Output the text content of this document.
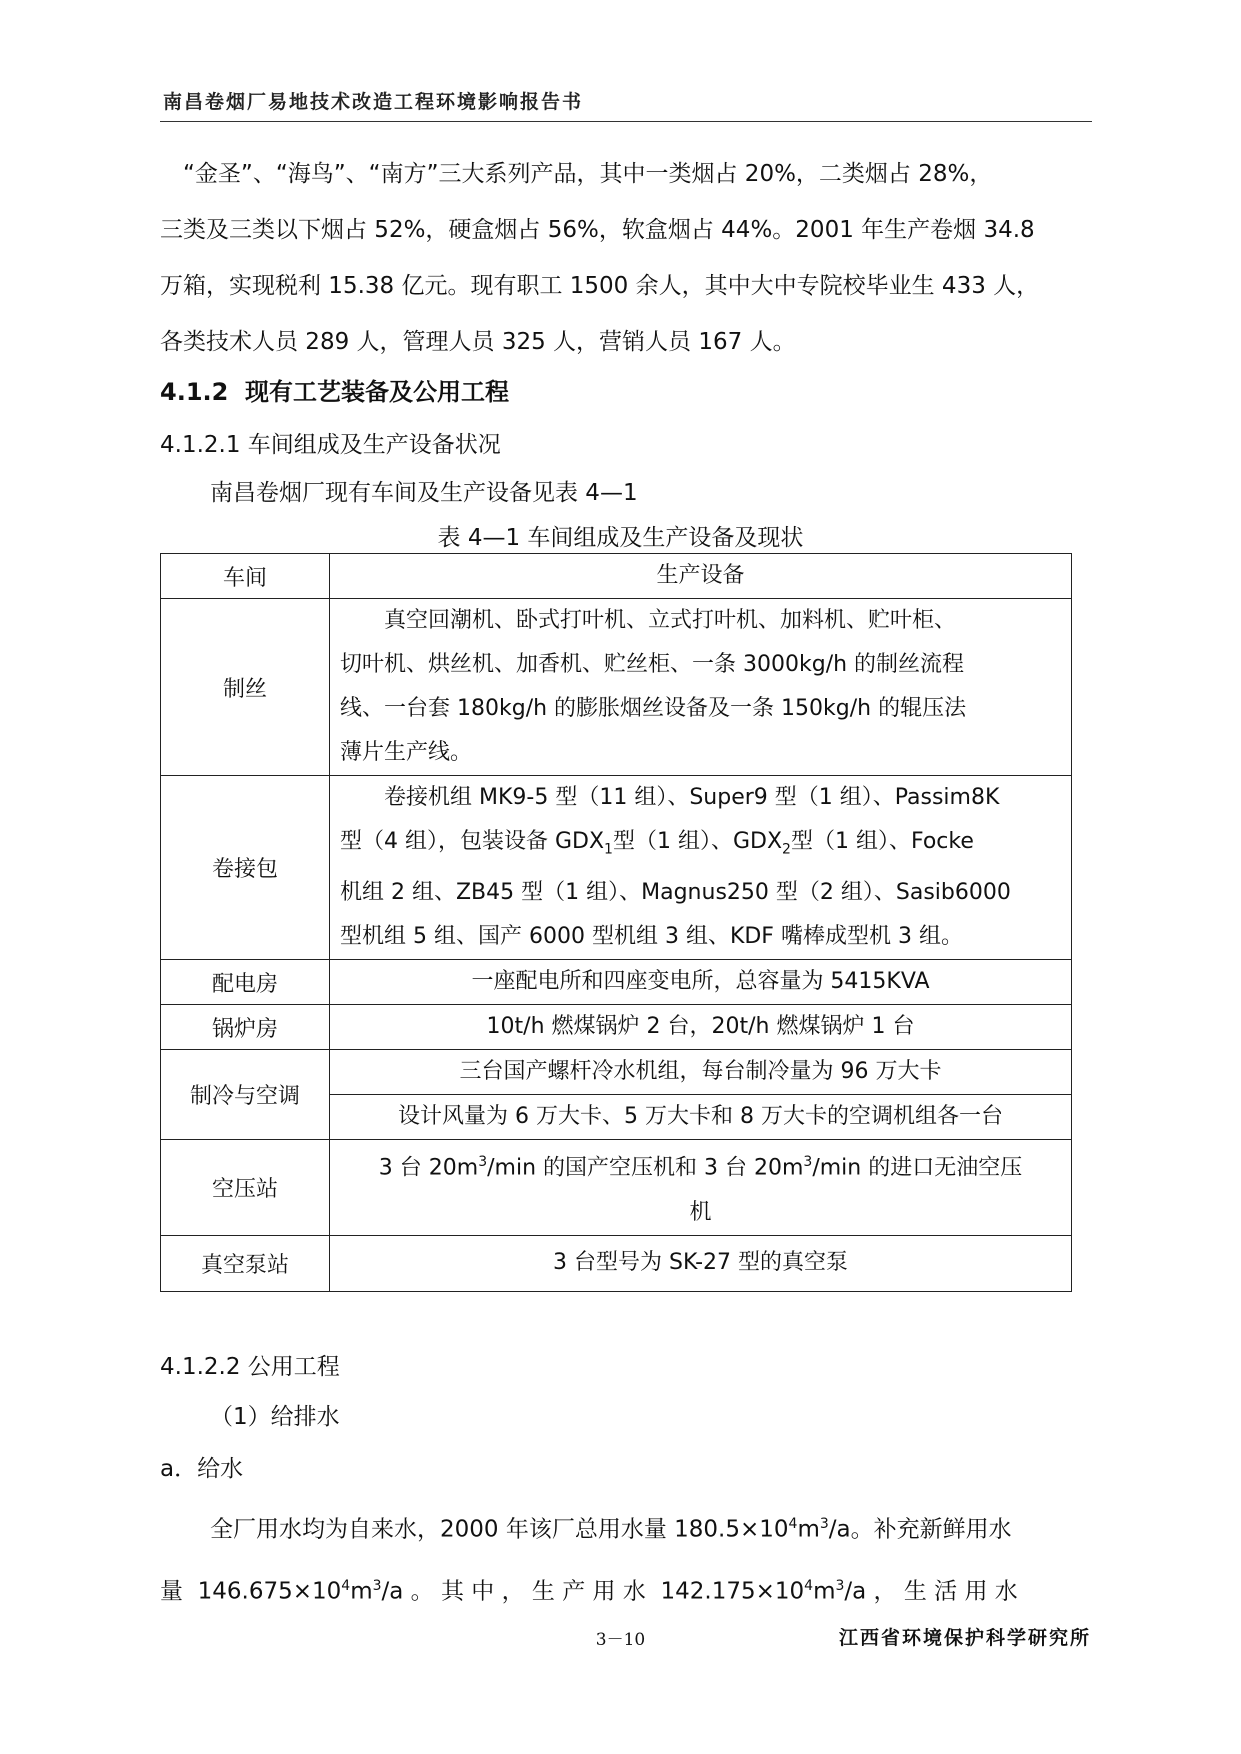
南昌卷烟厂易地技术改造工程环境影响报告书
“金圣”、“海鸟”、“南方”三大系列产品，其中一类烟占 20%，二类烟占 28%，
三类及三类以下烟占 52%，硬盒烟占 56%，软盒烟占 44%。2001 年生产卷烟 34.8
万箱，实现税利 15.38 亿元。现有职工 1500 余人，其中大中专院校毕业生 433 人，
各类技术人员 289 人，管理人员 325 人，营销人员 167 人。
4.1.2  现有工艺装备及公用工程
4.1.2.1 车间组成及生产设备状况
南昌卷烟厂现有车间及生产设备见表 4—1
表 4—1 车间组成及生产设备及现状
车间	生产设备
制丝	真空回潮机、卧式打叶机、立式打叶机、加料机、贮叶柜、
切叶机、烘丝机、加香机、贮丝柜、一条 3000kg/h 的制丝流程
线、一台套 180kg/h 的膨胀烟丝设备及一条 150kg/h 的辊压法
薄片生产线。

卷接包	卷接机组 MK9-5 型（11 组）、Super9 型（1 组）、Passim8K
型（4 组），包装设备 $GDX_1$型（1 组）、$GDX_2$型（1 组）、Focke
机组 2 组、ZB45 型（1 组）、Magnus250 型（2 组）、Sasib6000
型机组 5 组、国产 6000 型机组 3 组、KDF 嘴棒成型机 3 组。

配电房	一座配电所和四座变电所，总容量为 5415KVA
锅炉房	10t/h 燃煤锅炉 2 台，20t/h 燃煤锅炉 1 台
制冷与空调	三台国产螺杆冷水机组，每台制冷量为 96 万大卡
	设计风量为 6 万大卡、5 万大卡和 8 万大卡的空调机组各一台
空压站	3 台 $20m^3/\min$ 的国产空压机和 3 台 $20m^3/\min$ 的进口无油空压
机

真空泵站	3 台型号为 SK-27 型的真空泵
4.1.2.2 公用工程
（1）给排水
a．给水
全厂用水均为自来水，2000 年该厂总用水量 $180.5\times 10^4m^3/a$。补充新鲜用水
量  $146.675\times 10^4m^3/a$ 。 其 中 ， 生 产 用 水  $142.175\times 10^4m^3/a$ ， 生 活 用 水
3－10	江西省环境保护科学研究所
